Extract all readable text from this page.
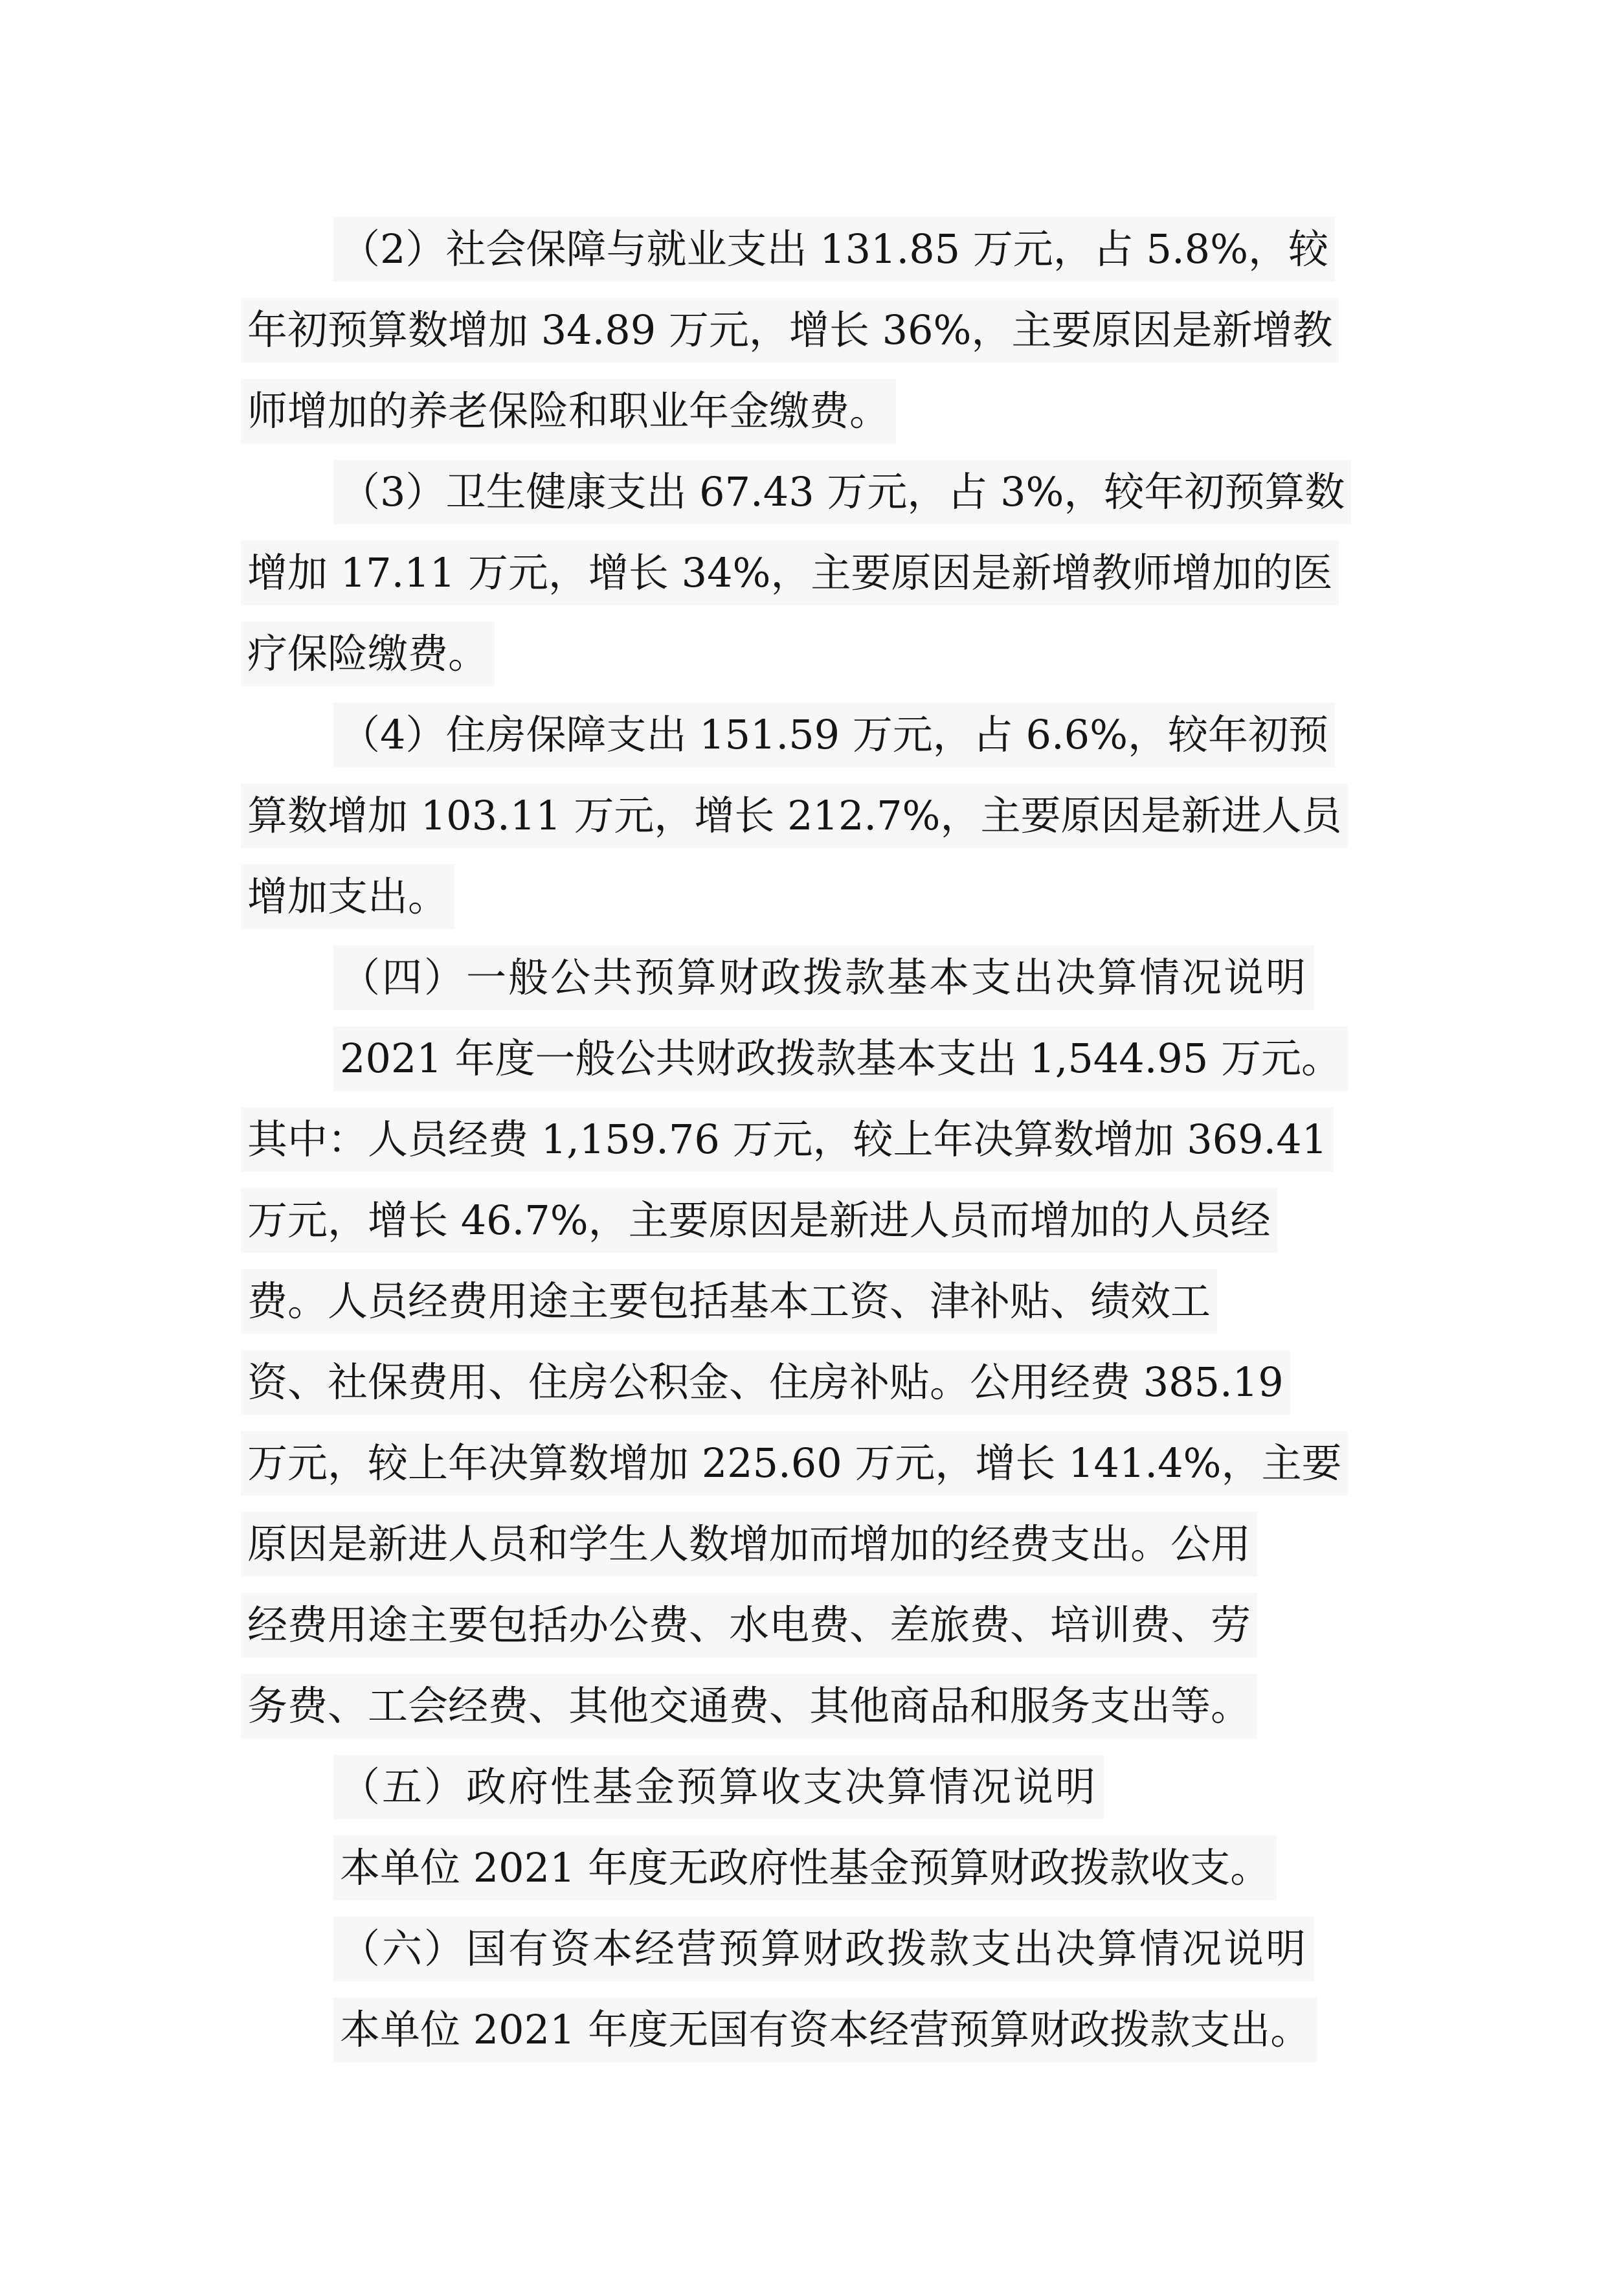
（2）社会保障与就业支出 131.85 万元，占 5.8%，较
年初预算数增加 34.89 万元，增长 36%，主要原因是新增教
师增加的养老保险和职业年金缴费。
（3）卫生健康支出 67.43 万元，占 3%，较年初预算数
增加 17.11 万元，增长 34%，主要原因是新增教师增加的医
疗保险缴费。
（4）住房保障支出 151.59 万元，占 6.6%，较年初预
算数增加 103.11 万元，增长 212.7%，主要原因是新进人员
增加支出。
（四）一般公共预算财政拨款基本支出决算情况说明
2021 年度一般公共财政拨款基本支出 1,544.95 万元。
其中：人员经费 1,159.76 万元，较上年决算数增加 369.41
万元，增长 46.7%，主要原因是新进人员而增加的人员经
费。人员经费用途主要包括基本工资、津补贴、绩效工
资、社保费用、住房公积金、住房补贴。公用经费 385.19
万元，较上年决算数增加 225.60 万元，增长 141.4%，主要
原因是新进人员和学生人数增加而增加的经费支出。公用
经费用途主要包括办公费、水电费、差旅费、培训费、劳
务费、工会经费、其他交通费、其他商品和服务支出等。
（五）政府性基金预算收支决算情况说明
本单位 2021 年度无政府性基金预算财政拨款收支。
（六）国有资本经营预算财政拨款支出决算情况说明
本单位 2021 年度无国有资本经营预算财政拨款支出。
